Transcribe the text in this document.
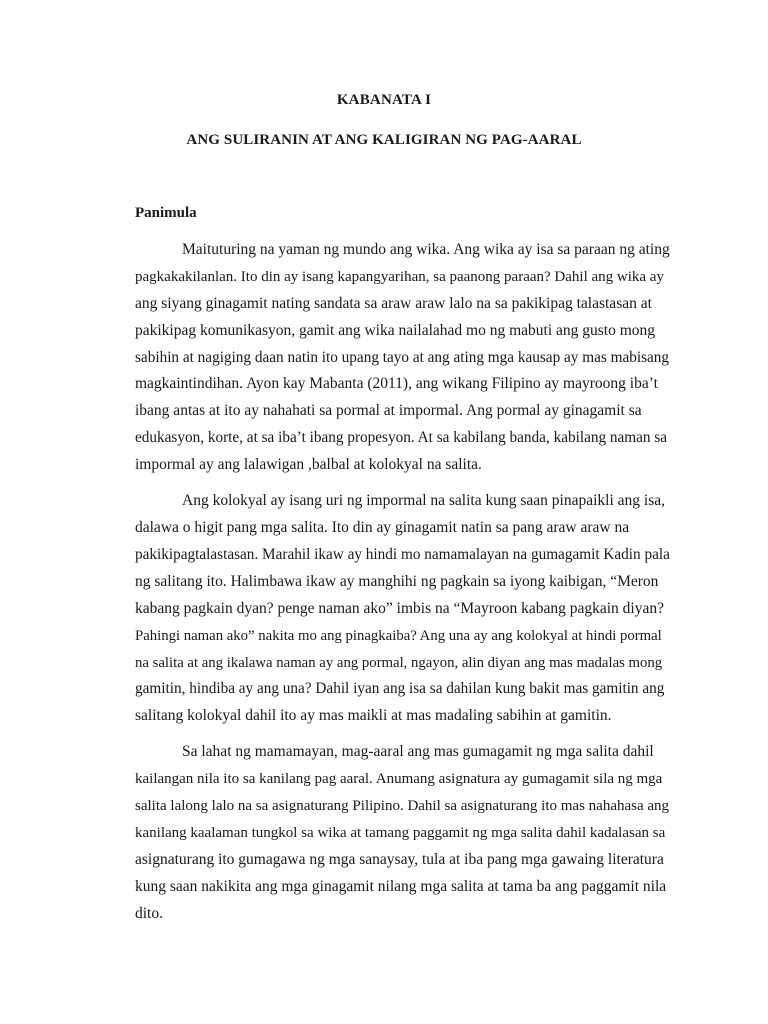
KABANATA I
ANG SULIRANIN AT ANG KALIGIRAN NG PAG-AARAL
Panimula
Maituturing na yaman ng mundo ang wika. Ang wika ay isa sa paraan ng ating
pagkakakilanlan. Ito din ay isang kapangyarihan, sa paanong paraan? Dahil ang wika ay
ang siyang ginagamit nating sandata sa araw araw lalo na sa pakikipag talastasan at
pakikipag komunikasyon, gamit ang wika nailalahad mo ng mabuti ang gusto mong
sabihin at nagiging daan natin ito upang tayo at ang ating mga kausap ay mas mabisang
magkaintindihan. Ayon kay Mabanta (2011), ang wikang Filipino ay mayroong iba’t
ibang antas at ito ay nahahati sa pormal at impormal. Ang pormal ay ginagamit sa
edukasyon, korte, at sa iba’t ibang propesyon. At sa kabilang banda, kabilang naman sa
impormal ay ang lalawigan ,balbal at kolokyal na salita.
Ang kolokyal ay isang uri ng impormal na salita kung saan pinapaikli ang isa,
dalawa o higit pang mga salita. Ito din ay ginagamit natin sa pang araw araw na
pakikipagtalastasan. Marahil ikaw ay hindi mo namamalayan na gumagamit Kadin pala
ng salitang ito. Halimbawa ikaw ay manghihi ng pagkain sa iyong kaibigan, “Meron
kabang pagkain dyan? penge naman ako” imbis na “Mayroon kabang pagkain diyan?
Pahingi naman ako” nakita mo ang pinagkaiba? Ang una ay ang kolokyal at hindi pormal
na salita at ang ikalawa naman ay ang pormal, ngayon, alin diyan ang mas madalas mong
gamitin, hindiba ay ang una? Dahil iyan ang isa sa dahilan kung bakit mas gamitin ang
salitang kolokyal dahil ito ay mas maikli at mas madaling sabihin at gamitin.
Sa lahat ng mamamayan, mag-aaral ang mas gumagamit ng mga salita dahil
kailangan nila ito sa kanilang pag aaral. Anumang asignatura ay gumagamit sila ng mga
salita lalong lalo na sa asignaturang Pilipino. Dahil sa asignaturang ito mas nahahasa ang
kanilang kaalaman tungkol sa wika at tamang paggamit ng mga salita dahil kadalasan sa
asignaturang ito gumagawa ng mga sanaysay, tula at iba pang mga gawaing literatura
kung saan nakikita ang mga ginagamit nilang mga salita at tama ba ang paggamit nila
dito.
